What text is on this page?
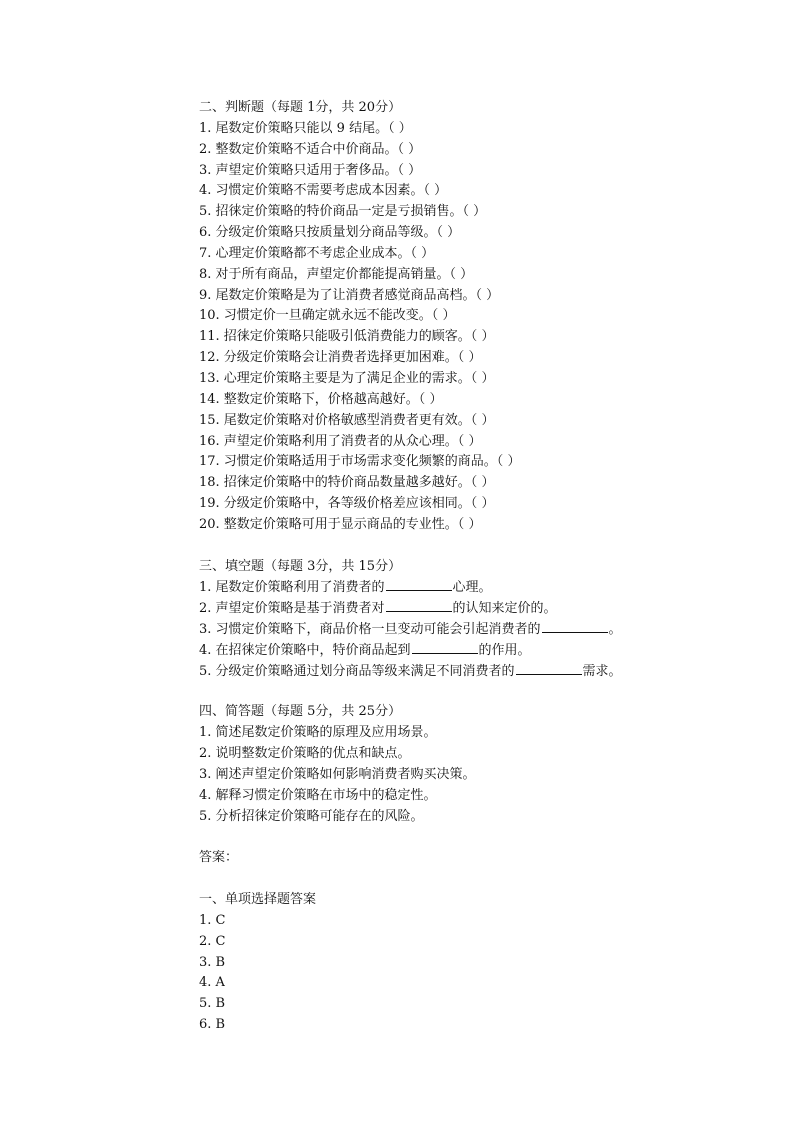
二、判断题（每题 1分，共 20分）
1. 尾数定价策略只能以 9 结尾。（ ）
2. 整数定价策略不适合中价商品。（ ）
3. 声望定价策略只适用于奢侈品。（ ）
4. 习惯定价策略不需要考虑成本因素。（ ）
5. 招徕定价策略的特价商品一定是亏损销售。（ ）
6. 分级定价策略只按质量划分商品等级。（ ）
7. 心理定价策略都不考虑企业成本。（ ）
8. 对于所有商品，声望定价都能提高销量。（ ）
9. 尾数定价策略是为了让消费者感觉商品高档。（ ）
10. 习惯定价一旦确定就永远不能改变。（ ）
11. 招徕定价策略只能吸引低消费能力的顾客。（ ）
12. 分级定价策略会让消费者选择更加困难。（ ）
13. 心理定价策略主要是为了满足企业的需求。（ ）
14. 整数定价策略下，价格越高越好。（ ）
15. 尾数定价策略对价格敏感型消费者更有效。（ ）
16. 声望定价策略利用了消费者的从众心理。（ ）
17. 习惯定价策略适用于市场需求变化频繁的商品。（ ）
18. 招徕定价策略中的特价商品数量越多越好。（ ）
19. 分级定价策略中，各等级价格差应该相同。（ ）
20. 整数定价策略可用于显示商品的专业性。（ ）
三、填空题（每题 3分，共 15分）
1. 尾数定价策略利用了消费者的	心理。
2. 声望定价策略是基于消费者对	的认知来定价的。
3. 习惯定价策略下，商品价格一旦变动可能会引起消费者的	。
4. 在招徕定价策略中，特价商品起到	的作用。
5. 分级定价策略通过划分商品等级来满足不同消费者的	需求。
四、简答题（每题 5分，共 25分）
1. 简述尾数定价策略的原理及应用场景。
2. 说明整数定价策略的优点和缺点。
3. 阐述声望定价策略如何影响消费者购买决策。
4. 解释习惯定价策略在市场中的稳定性。
5. 分析招徕定价策略可能存在的风险。
答案：
一、单项选择题答案
1. C
2. C
3. B
4. A
5. B
6. B
